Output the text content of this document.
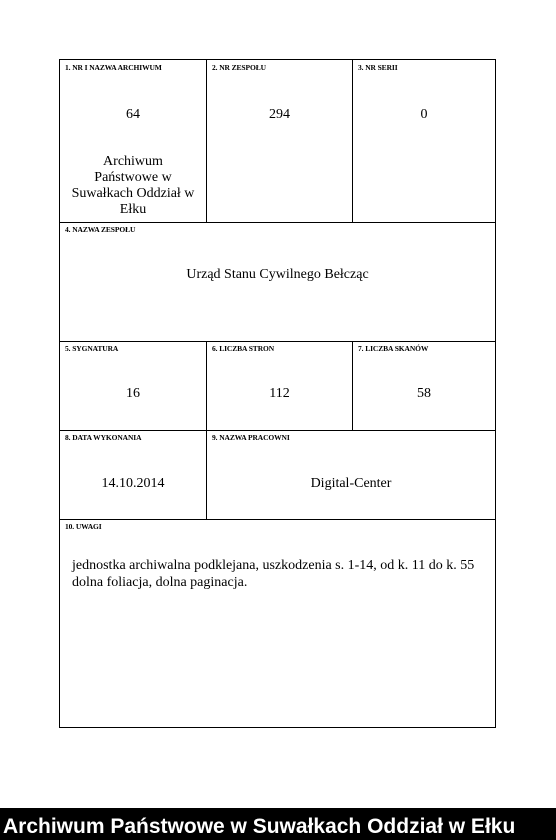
1. NR I NAZWA ARCHIWUM
64
Archiwum Państwowe w Suwałkach Oddział w Ełku
2. NR ZESPOŁU
294
3. NR SERII
0
4. NAZWA ZESPOŁU
Urząd Stanu Cywilnego Bełcząc
5. SYGNATURA
16
6. LICZBA STRON
112
7. LICZBA SKANÓW
58
8. DATA WYKONANIA
14.10.2014
9. NAZWA PRACOWNI
Digital-Center
10. UWAGI
jednostka archiwalna podklejana, uszkodzenia s. 1-14, od k. 11 do k. 55 dolna foliacja, dolna paginacja.
Archiwum Państwowe w Suwałkach Oddział w Ełku
